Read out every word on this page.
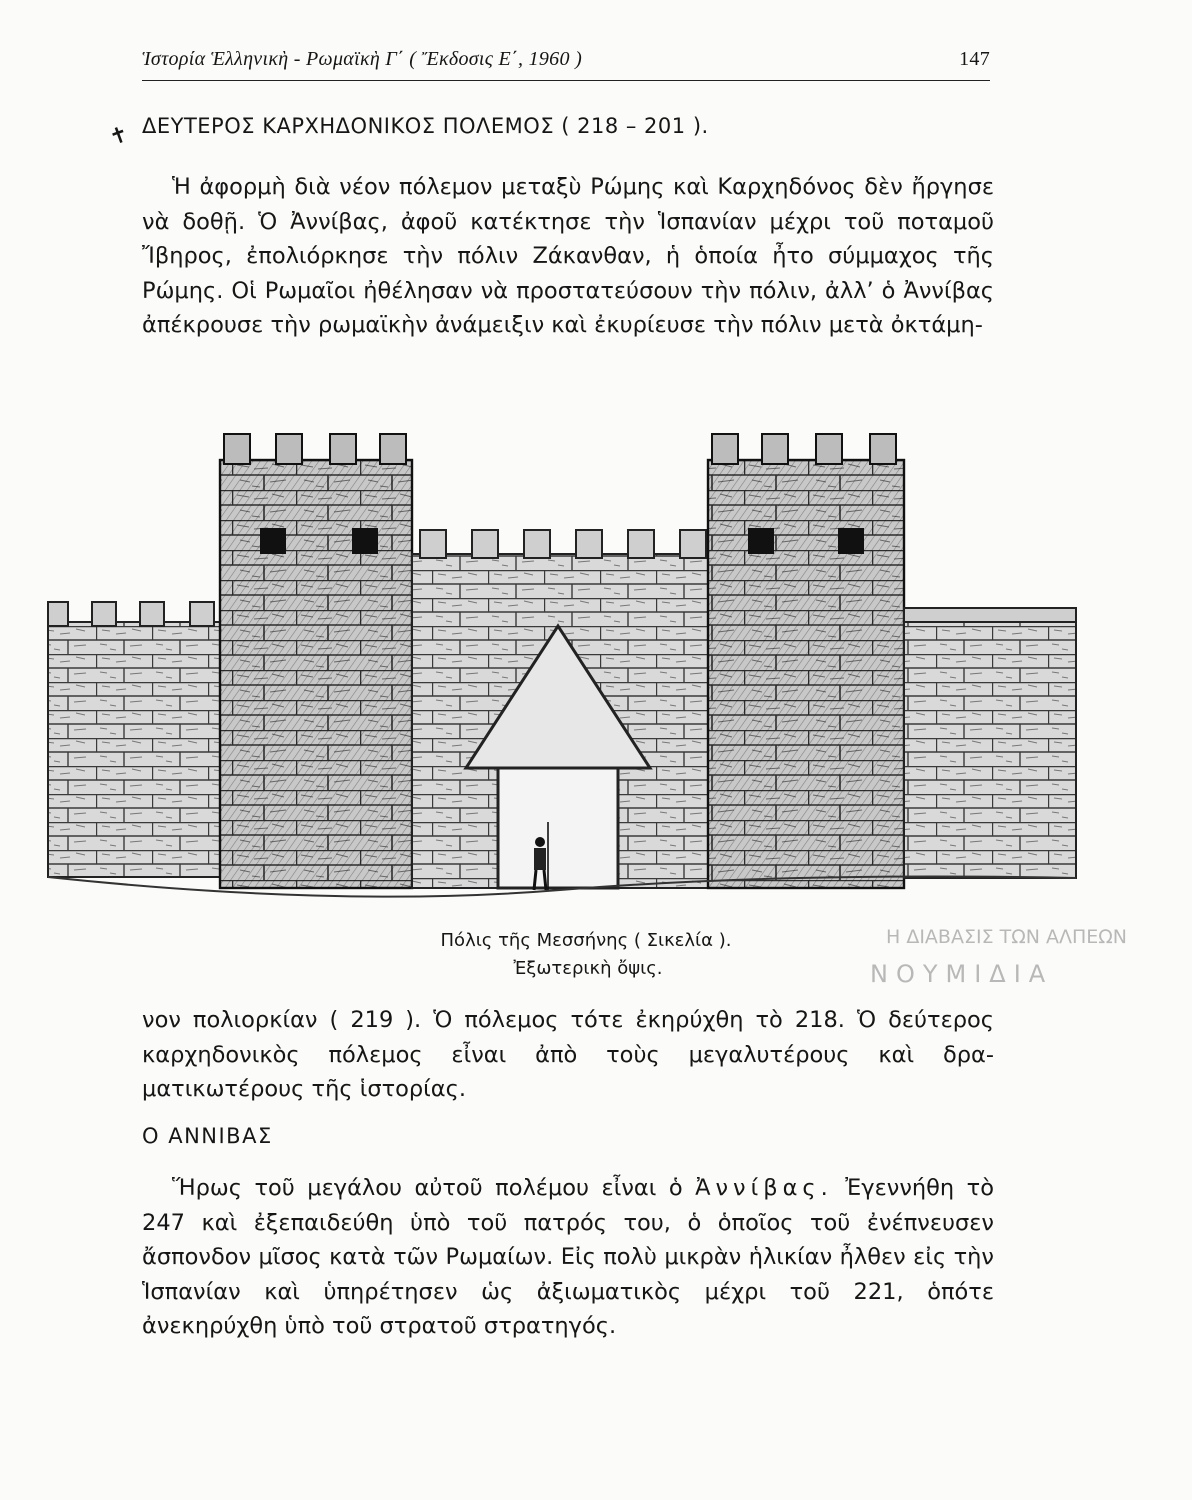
Η ΔΙΑΒΑΣΙΣ ΤΩΝ ΑΛΠΕΩΝ
ΝΟΥΜΙΔΙΑ
Ἱστορία Ἑλληνικὴ - Ρωμαϊκὴ Γ΄ ( Ἔκδοσις Ε΄, 1960 )	147
✝ ΔΕΥΤΕΡΟΣ ΚΑΡΧΗΔΟΝΙΚΟΣ ΠΟΛΕΜΟΣ ( 218 – 201 ).

Ἡ ἀφορμὴ διὰ νέον πόλεμον μεταξὺ Ρώμης καὶ Καρχηδόνος δὲν ἤργησε νὰ δοθῇ. Ὁ Ἀννίβας, ἀφοῦ κατέκτησε τὴν Ἱσπανίαν μέχρι τοῦ ποταμοῦ Ἴβηρος, ἐπολιόρκησε τὴν πόλιν Ζάκανθαν, ἡ ὁποία ἦτο σύμμαχος τῆς Ρώμης. Οἱ Ρωμαῖοι ἠθέλησαν νὰ προστατεύσουν τὴν πόλιν, ἀλλ’ ὁ Ἀννίβας ἀπέκρουσε τὴν ρωμαϊκὴν ἀνάμειξιν καὶ ἐκυρίευσε τὴν πόλιν μετὰ ὀκτάμη-

Πόλις τῆς Μεσσήνης ( Σικελία ).
Ἐξωτερικὴ ὄψις.

νον πολιορκίαν ( 219 ). Ὁ πόλεμος τότε ἐκηρύχθη τὸ 218. Ὁ δεύτερος καρχηδονικὸς πόλεμος εἶναι ἀπὸ τοὺς μεγαλυτέρους καὶ δραματικωτέρους τῆς ἱστορίας.

Ο ΑΝΝΙΒΑΣ

Ἥρως τοῦ μεγάλου αὐτοῦ πολέμου εἶναι ὁ Ἀννίβας. Ἐγεννήθη τὸ 247 καὶ ἐξεπαιδεύθη ὑπὸ τοῦ πατρός του, ὁ ὁποῖος τοῦ ἐνέπνευσεν ἄσπονδον μῖσος κατὰ τῶν Ρωμαίων. Εἰς πολὺ μικρὰν ἡλικίαν ἦλθεν εἰς τὴν Ἱσπανίαν καὶ ὑπηρέτησεν ὡς ἀξιωματικὸς μέχρι τοῦ 221, ὁπότε ἀνεκηρύχθη ὑπὸ τοῦ στρατοῦ στρατηγός.
